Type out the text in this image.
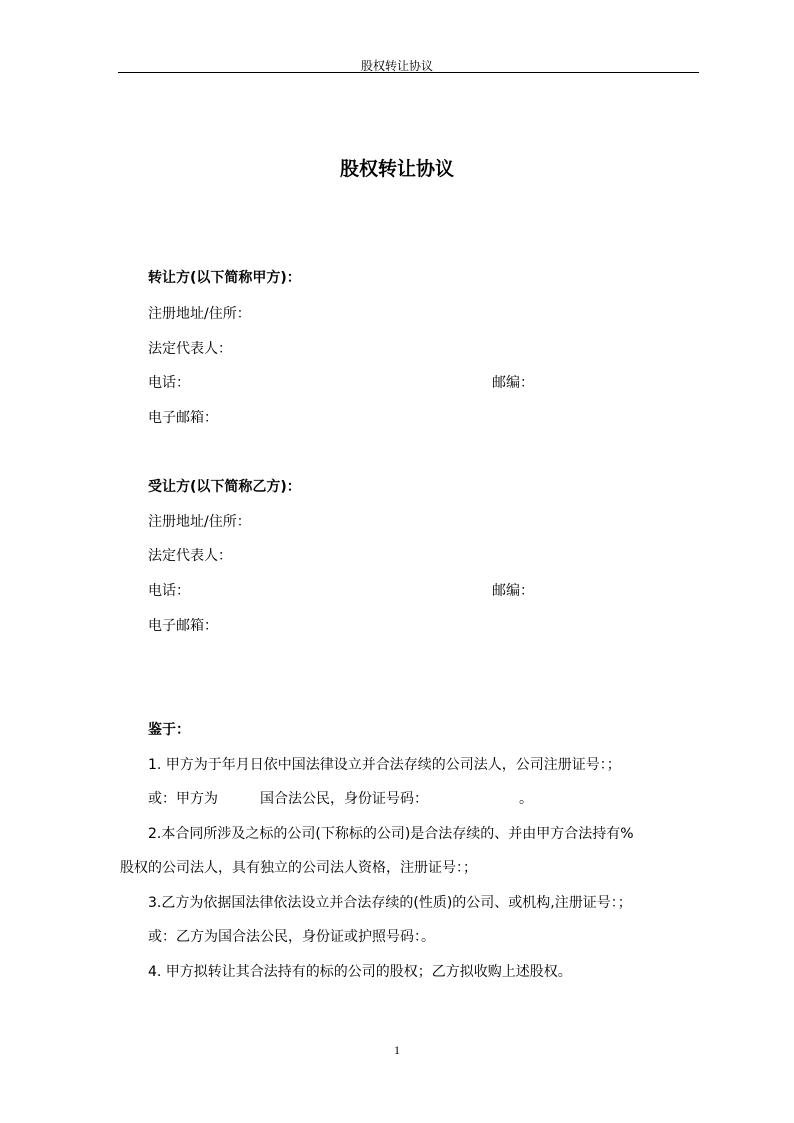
股权转让协议
股权转让协议
转让方(以下简称甲方)：
注册地址/住所：
法定代表人：
电话：	邮编：
电子邮箱：
受让方(以下简称乙方)：
注册地址/住所：
法定代表人：
电话：	邮编：
电子邮箱：
鉴于：
1. 甲方为于年月日依中国法律设立并合法存续的公司法人，公司注册证号：；
或：甲方为　　　国合法公民，身份证号码：　　　　　　　。
2.本合同所涉及之标的公司(下称标的公司)是合法存续的、并由甲方合法持有%
股权的公司法人，具有独立的公司法人资格，注册证号：；
3.乙方为依据国法律依法设立并合法存续的(性质)的公司、或机构,注册证号：；
或：乙方为国合法公民，身份证或护照号码：。
4. 甲方拟转让其合法持有的标的公司的股权；乙方拟收购上述股权。
1
